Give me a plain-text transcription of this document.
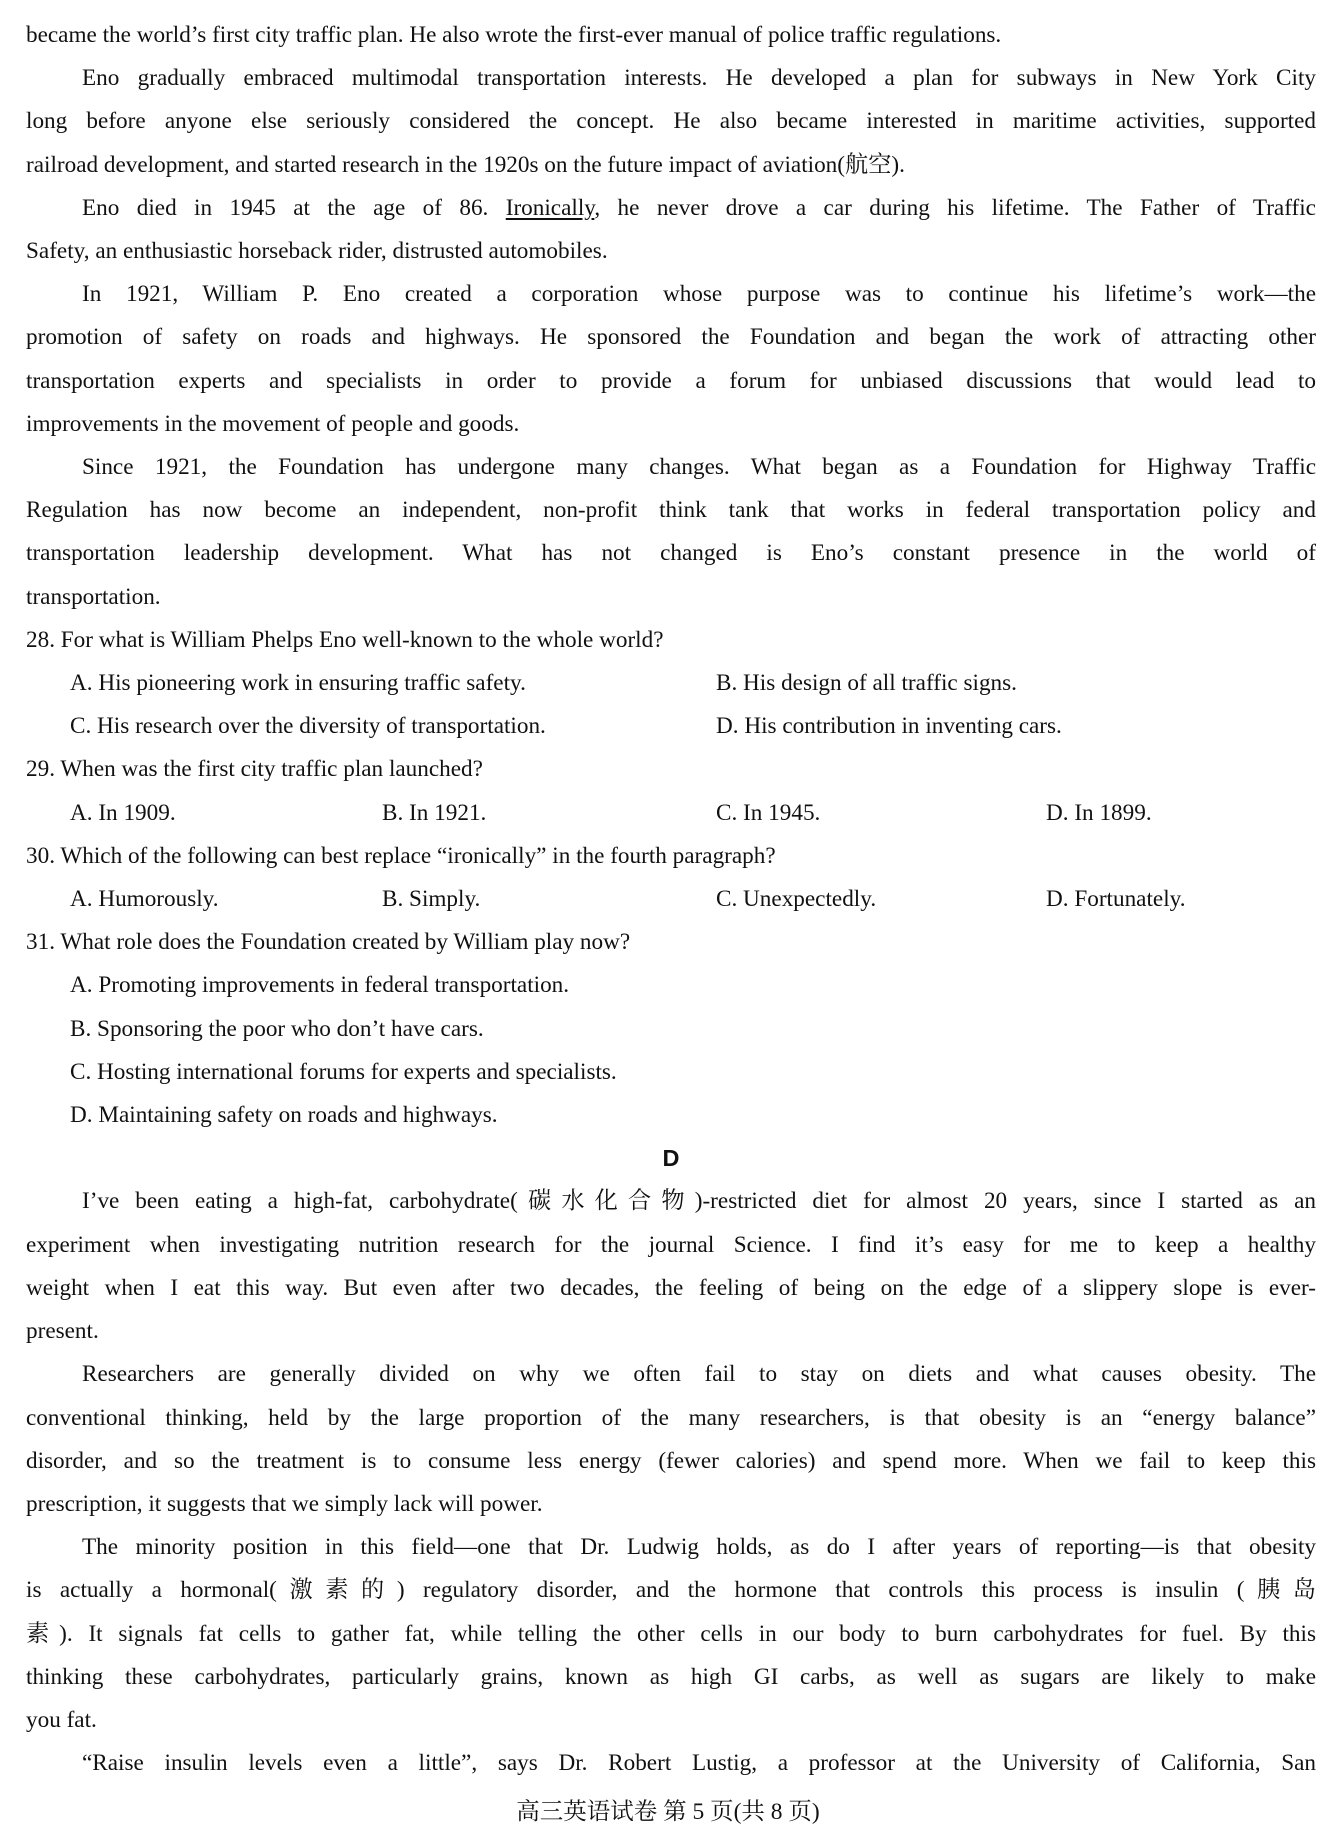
became the world’s first city traffic plan. He also wrote the first-ever manual of police traffic regulations.

Eno gradually embraced multimodal transportation interests. He developed a plan for subways in New York City

long before anyone else seriously considered the concept. He also became interested in maritime activities, supported

railroad development, and started research in the 1920s on the future impact of aviation(航空).

Eno died in 1945 at the age of 86. Ironically, he never drove a car during his lifetime. The Father of Traffic

Safety, an enthusiastic horseback rider, distrusted automobiles.

In 1921, William P. Eno created a corporation whose purpose was to continue his lifetime’s work—the

promotion of safety on roads and highways. He sponsored the Foundation and began the work of attracting other

transportation experts and specialists in order to provide a forum for unbiased discussions that would lead to

improvements in the movement of people and goods.

Since 1921, the Foundation has undergone many changes. What began as a Foundation for Highway Traffic

Regulation has now become an independent, non-profit think tank that works in federal transportation policy and

transportation leadership development. What has not changed is Eno’s constant presence in the world of

transportation.

28. For what is William Phelps Eno well-known to the whole world?

A. His pioneering work in ensuring traffic safety.	B. His design of all traffic signs.
C. His research over the diversity of transportation.	D. His contribution in inventing cars.

29. When was the first city traffic plan launched?

A. In 1909.	B. In 1921.	C. In 1945.	D. In 1899.

30. Which of the following can best replace “ironically” in the fourth paragraph?

A. Humorously.	B. Simply.	C. Unexpectedly.	D. Fortunately.

31. What role does the Foundation created by William play now?

A. Promoting improvements in federal transportation.

B. Sponsoring the poor who don’t have cars.

C. Hosting international forums for experts and specialists.

D. Maintaining safety on roads and highways.

D

I’ve been eating a high-fat, carbohydrate(碳水化合物)-restricted diet for almost 20 years, since I started as an

experiment when investigating nutrition research for the journal Science. I find it’s easy for me to keep a healthy

weight when I eat this way. But even after two decades, the feeling of being on the edge of a slippery slope is ever-

present.

Researchers are generally divided on why we often fail to stay on diets and what causes obesity. The

conventional thinking, held by the large proportion of the many researchers, is that obesity is an “energy balance”

disorder, and so the treatment is to consume less energy (fewer calories) and spend more. When we fail to keep this

prescription, it suggests that we simply lack will power.

The minority position in this field—one that Dr. Ludwig holds, as do I after years of reporting—is that obesity

is actually a hormonal(激素的) regulatory disorder, and the hormone that controls this process is insulin (胰岛

素). It signals fat cells to gather fat, while telling the other cells in our body to burn carbohydrates for fuel. By this

thinking these carbohydrates, particularly grains, known as high GI carbs, as well as sugars are likely to make

you fat.

“Raise insulin levels even a little”, says Dr. Robert Lustig, a professor at the University of California, San

高三英语试卷 第 5 页(共 8 页)
